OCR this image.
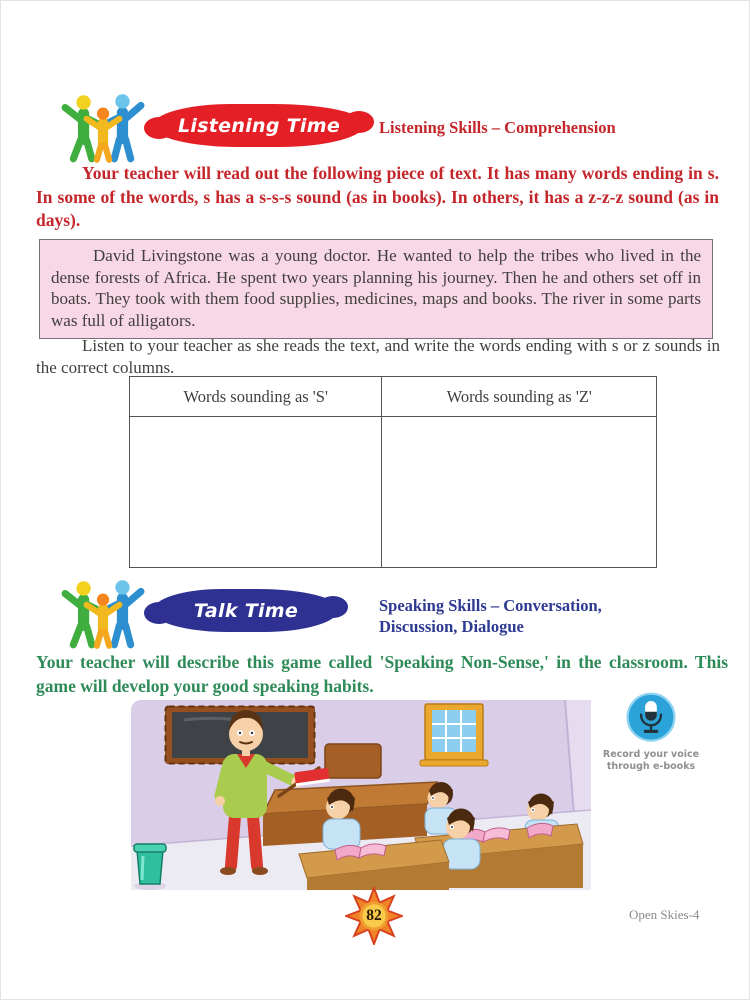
Listening Time Listening Skills – Comprehension

Your teacher will read out the following piece of text. It has many words ending in s. In some of the words, s has a s-s-s sound (as in books). In others, it has a z-z-z sound (as in days).

David Livingstone was a young doctor. He wanted to help the tribes who lived in the dense forests of Africa. He spent two years planning his journey. Then he and others set off in boats. They took with them food supplies, medicines, maps and books. The river in some parts was full of alligators.

Listen to your teacher as she reads the text, and write the words ending with s or z sounds in the correct columns.

Words sounding as 'S'	Words sounding as 'Z'
Talk Time	Speaking Skills – Conversation,
Discussion, Dialogue

Your teacher will describe this game called 'Speaking Non-Sense,' in the classroom. This game will develop your good speaking habits.

Record your voice
through e-books
82	Open Skies-4
